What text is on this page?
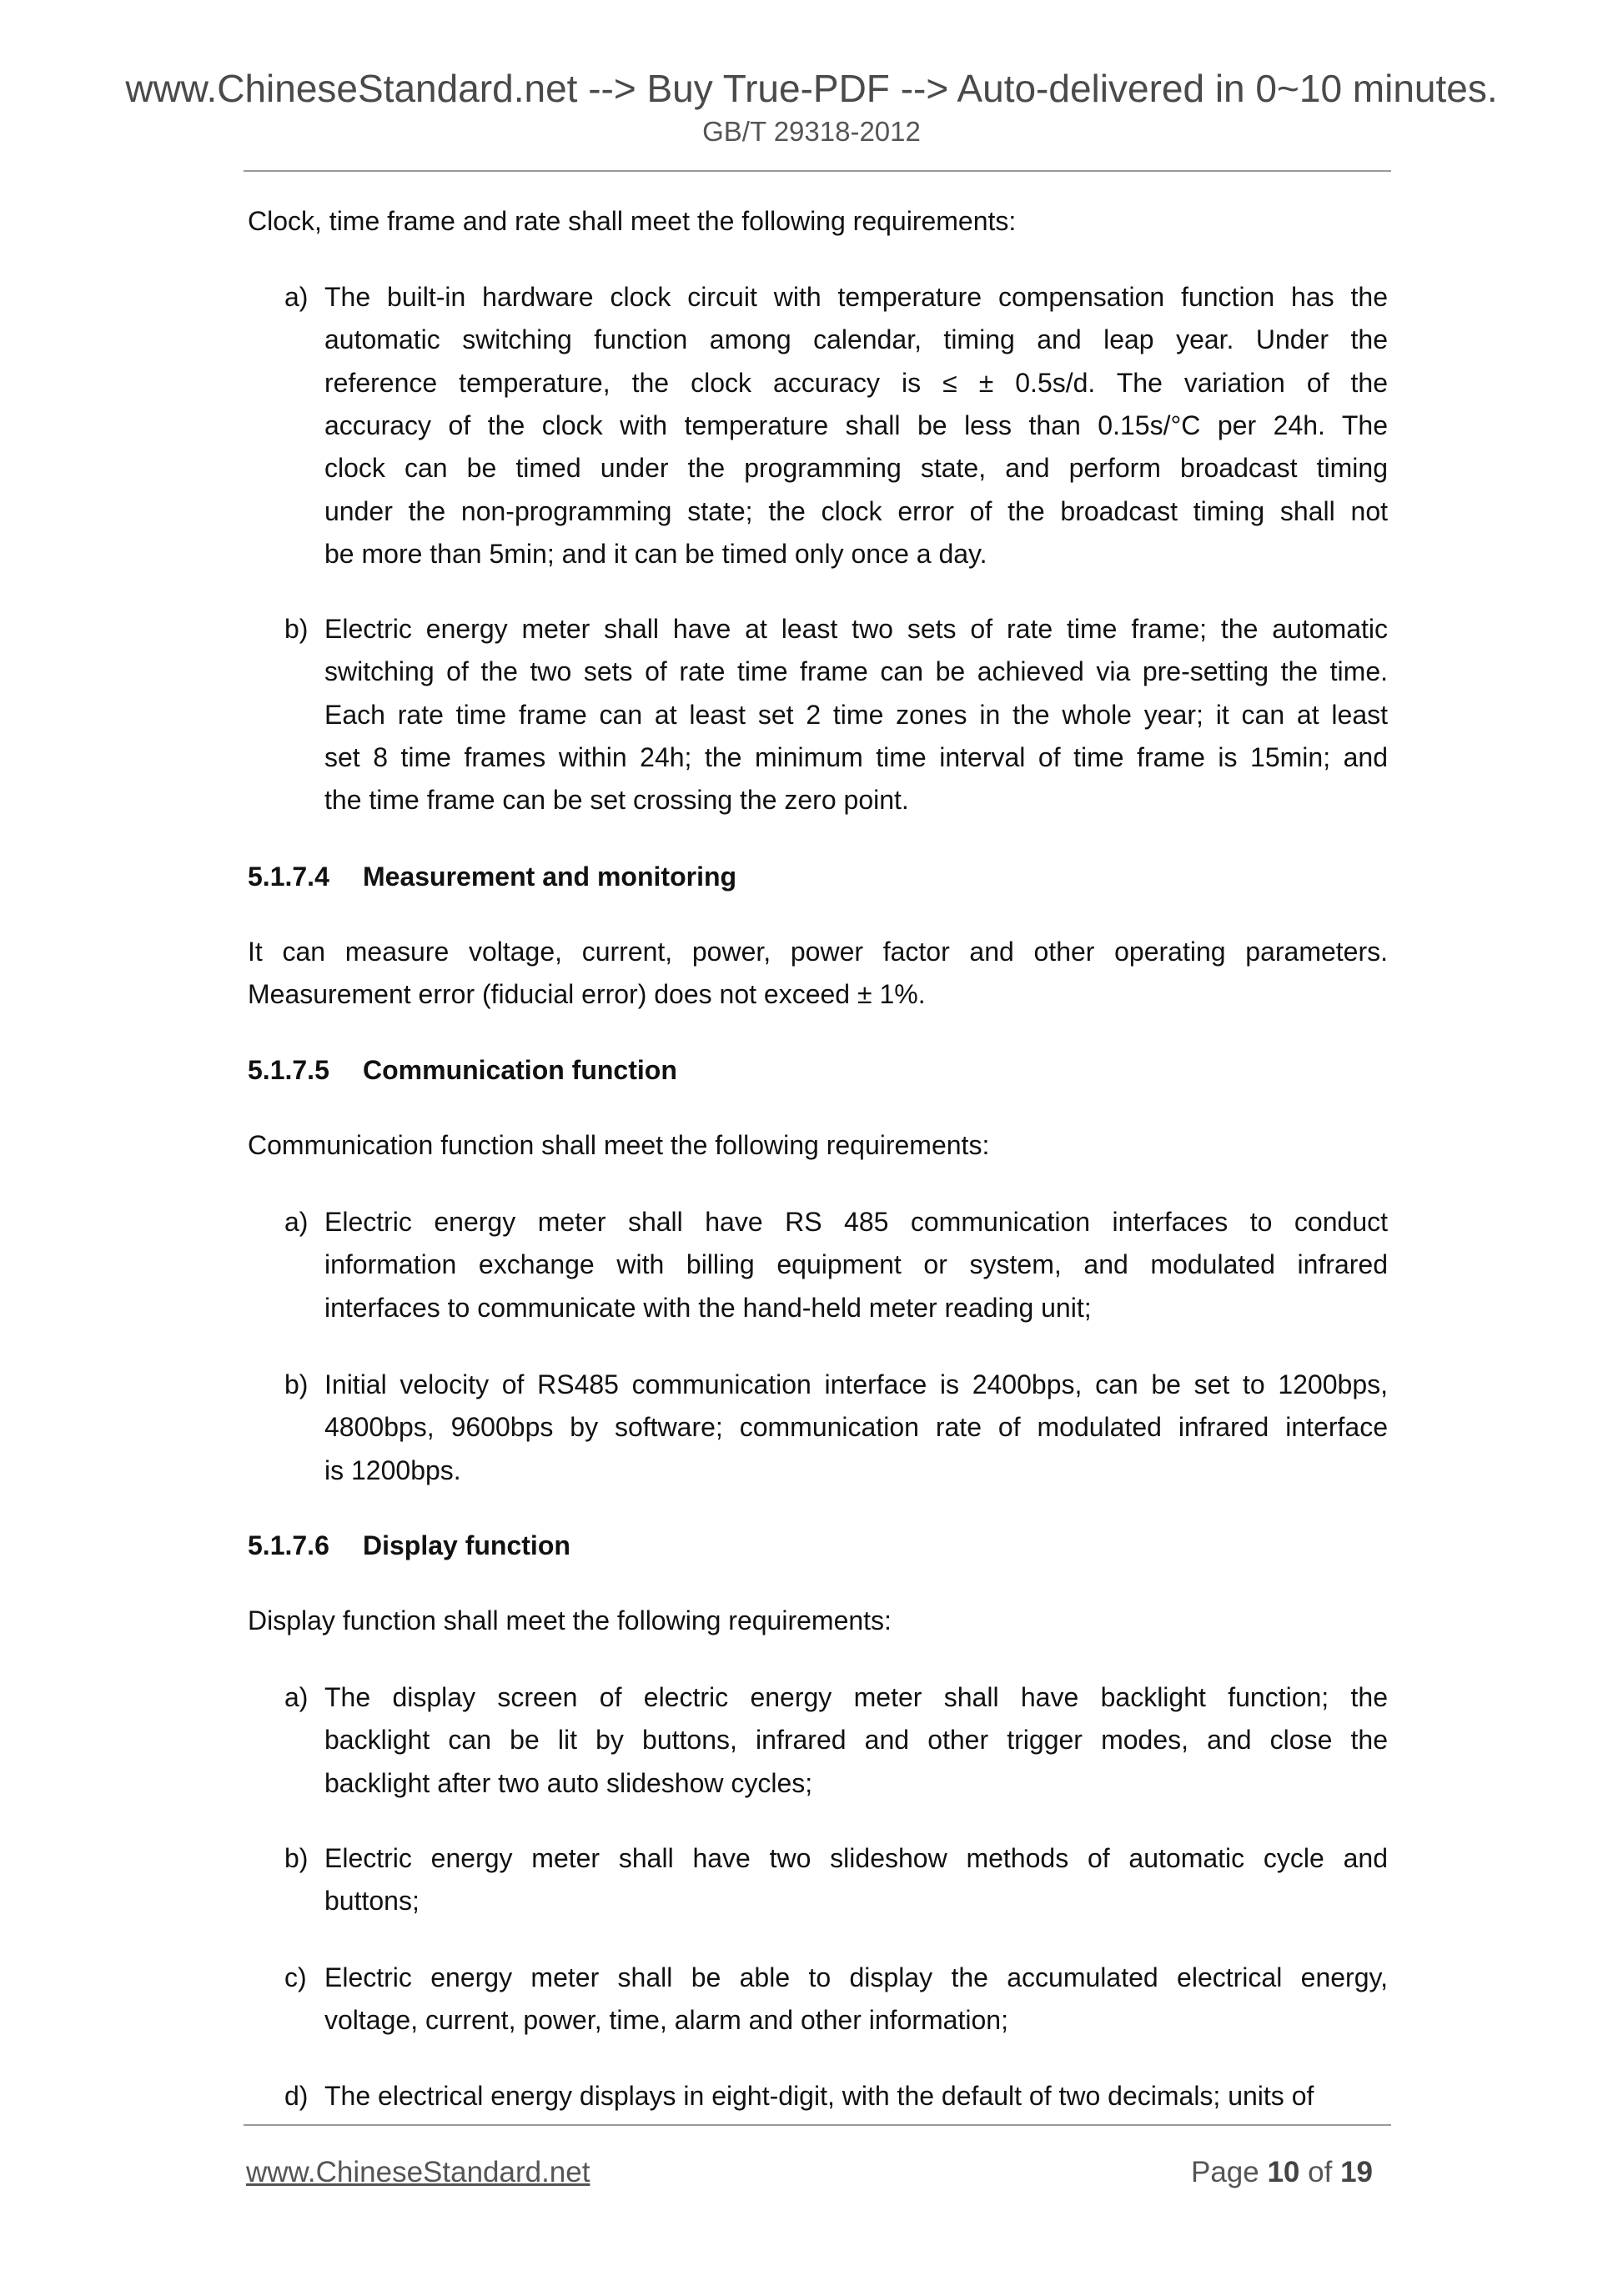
www.ChineseStandard.net --> Buy True-PDF --> Auto-delivered in 0~10 minutes.
GB/T 29318-2012
Clock, time frame and rate shall meet the following requirements:
a) The built-in hardware clock circuit with temperature compensation function has the
automatic switching function among calendar, timing and leap year. Under the
reference temperature, the clock accuracy is ≤ ± 0.5s/d. The variation of the
accuracy of the clock with temperature shall be less than 0.15s/°C per 24h. The
clock can be timed under the programming state, and perform broadcast timing
under the non-programming state; the clock error of the broadcast timing shall not
be more than 5min; and it can be timed only once a day.
b) Electric energy meter shall have at least two sets of rate time frame; the automatic
switching of the two sets of rate time frame can be achieved via pre-setting the time.
Each rate time frame can at least set 2 time zones in the whole year; it can at least
set 8 time frames within 24h; the minimum time interval of time frame is 15min; and
the time frame can be set crossing the zero point.
5.1.7.4 Measurement and monitoring
It can measure voltage, current, power, power factor and other operating parameters.
Measurement error (fiducial error) does not exceed ± 1%.
5.1.7.5 Communication function
Communication function shall meet the following requirements:
a) Electric energy meter shall have RS 485 communication interfaces to conduct
information exchange with billing equipment or system, and modulated infrared
interfaces to communicate with the hand-held meter reading unit;
b) Initial velocity of RS485 communication interface is 2400bps, can be set to 1200bps,
4800bps, 9600bps by software; communication rate of modulated infrared interface
is 1200bps.
5.1.7.6 Display function
Display function shall meet the following requirements:
a) The display screen of electric energy meter shall have backlight function; the
backlight can be lit by buttons, infrared and other trigger modes, and close the
backlight after two auto slideshow cycles;
b) Electric energy meter shall have two slideshow methods of automatic cycle and
buttons;
c) Electric energy meter shall be able to display the accumulated electrical energy,
voltage, current, power, time, alarm and other information;
d) The electrical energy displays in eight-digit, with the default of two decimals; units of
www.ChineseStandard.net	Page 10 of 19
